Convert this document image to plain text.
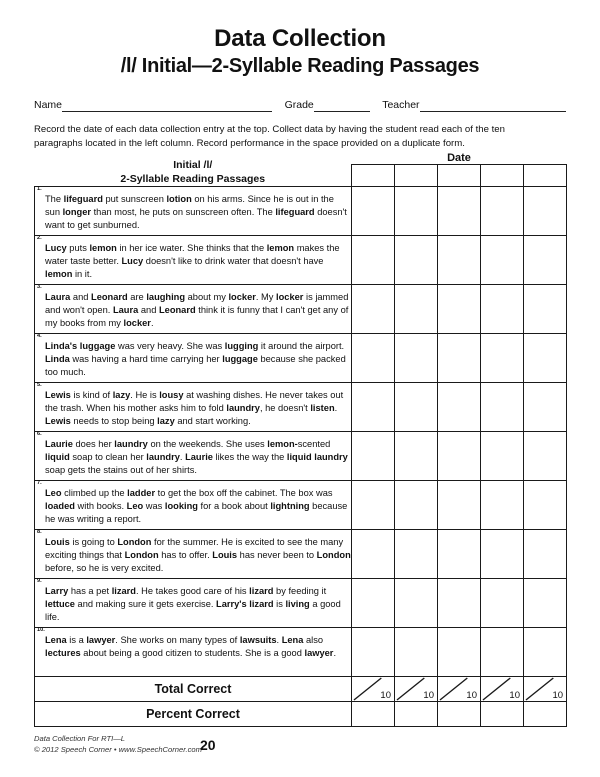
Data Collection
/l/ Initial—2-Syllable Reading Passages
Name	Grade	Teacher
Record the date of each data collection entry at the top. Collect data by having the student read each of the ten paragraphs located in the left column. Record performance in the space provided on a duplicate form.
Initial /l/
2-Syllable Reading Passages	Date				

1.
The lifeguard put sunscreen lotion on his arms. Since he is out in the sun longer than most, he puts on sunscreen often. The lifeguard doesn't want to get sunburned.					

2.
Lucy puts lemon in her ice water. She thinks that the lemon makes the water taste better. Lucy doesn't like to drink water that doesn't have lemon in it.					

3.
Laura and Leonard are laughing about my locker. My locker is jammed and won't open. Laura and Leonard think it is funny that I can't get any of my books from my locker.					

4.
Linda's luggage was very heavy. She was lugging it around the airport. Linda was having a hard time carrying her luggage because she packed too much.					

5.
Lewis is kind of lazy. He is lousy at washing dishes. He never takes out the trash. When his mother asks him to fold laundry, he doesn't listen. Lewis needs to stop being lazy and start working.					

6.
Laurie does her laundry on the weekends. She uses lemon-scented liquid soap to clean her laundry. Laurie likes the way the liquid laundry soap gets the stains out of her shirts.					

7.
Leo climbed up the ladder to get the box off the cabinet. The box was loaded with books. Leo was looking for a book about lightning because he was writing a report.					

8.
Louis is going to London for the summer. He is excited to see the many exciting things that London has to offer. Louis has never been to London before, so he is very excited.					

9.
Larry has a pet lizard. He takes good care of his lizard by feeding it lettuce and making sure it gets exercise. Larry's lizard is living a good life.					

10.
Lena is a lawyer. She works on many types of lawsuits. Lena also lectures about being a good citizen to students. She is a good lawyer.					

Total Correct	10	10	10	10	10

Percent Correct					
Data Collection For RTI—L
© 2012 Speech Corner • www.SpeechCorner.com
20
